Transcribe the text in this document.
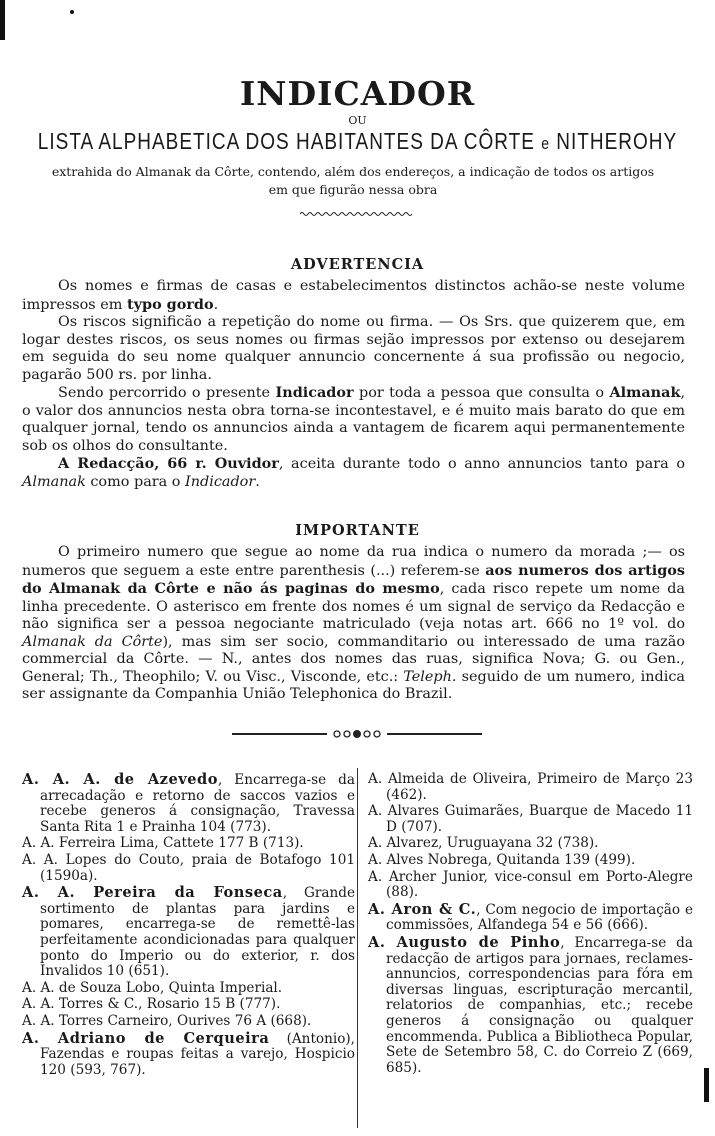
INDICADOR
OU
LISTA ALPHABETICA DOS HABITANTES DA CÔRTE e NITHEROHY
extrahida do Almanak da Côrte, contendo, além dos endereços, a indicação de todos os artigos em que figurão nessa obra
ADVERTENCIA

Os nomes e firmas de casas e estabelecimentos distinctos achão-se neste volume impressos em typo gordo.

Os riscos significão a repetição do nome ou firma. — Os Srs. que quizerem que, em logar destes riscos, os seus nomes ou firmas sejão impressos por extenso ou desejarem em seguida do seu nome qualquer annuncio concernente á sua profissão ou negocio, pagarão 500 rs. por linha.

Sendo percorrido o presente Indicador por toda a pessoa que consulta o Almanak, o valor dos annuncios nesta obra torna-se incontestavel, e é muito mais barato do que em qualquer jornal, tendo os annuncios ainda a vantagem de ficarem aqui permanentemente sob os olhos do consultante.

A Redacção, 66 r. Ouvidor, aceita durante todo o anno annuncios tanto para o Almanak como para o Indicador.

IMPORTANTE

O primeiro numero que segue ao nome da rua indica o numero da morada ;— os numeros que seguem a este entre parenthesis (...) referem-se aos numeros dos artigos do Almanak da Côrte e não ás paginas do mesmo, cada risco repete um nome da linha precedente. O asterisco em frente dos nomes é um signal de serviço da Redacção e não significa ser a pessoa negociante matriculado (veja notas art. 666 no 1º vol. do Almanak da Côrte), mas sim ser socio, commanditario ou interessado de uma razão commercial da Côrte. — N., antes dos nomes das ruas, significa Nova; G. ou Gen., General; Th., Theophilo; V. ou Visc., Visconde, etc.: Teleph. seguido de um numero, indica ser assignante da Companhia União Telephonica do Brazil.

A. A. A. de Azevedo, Encarrega-se da arrecadação e retorno de saccos vazios e recebe generos á consignação, Travessa Santa Rita 1 e Prainha 104 (773).

A. A. Ferreira Lima, Cattete 177 B (713).

A. A. Lopes do Couto, praia de Botafogo 101 (1590a).

A. A. Pereira da Fonseca, Grande sortimento de plantas para jardins e pomares, encarrega-se de remettê-las perfeitamente acondicionadas para qualquer ponto do Imperio ou do exterior, r. dos Invalidos 10 (651).

A. A. de Souza Lobo, Quinta Imperial.

A. A. Torres & C., Rosario 15 B (777).

A. A. Torres Carneiro, Ourives 76 A (668).

A. Adriano de Cerqueira (Antonio), Fazendas e roupas feitas a varejo, Hospicio 120 (593, 767).

A. Almeida de Oliveira, Primeiro de Março 23 (462).

A. Alvares Guimarães, Buarque de Macedo 11 D (707).

A. Alvarez, Uruguayana 32 (738).

A. Alves Nobrega, Quitanda 139 (499).

A. Archer Junior, vice-consul em Porto-Alegre (88).

A. Aron & C., Com negocio de importação e commissões, Alfandega 54 e 56 (666).

A. Augusto de Pinho, Encarrega-se da redacção de artigos para jornaes, reclames-annuncios, correspondencias para fóra em diversas linguas, escripturação mercantil, relatorios de companhias, etc.; recebe generos á consignação ou qualquer encommenda. Publica a Bibliotheca Popular, Sete de Setembro 58, C. do Correio Z (669, 685).
